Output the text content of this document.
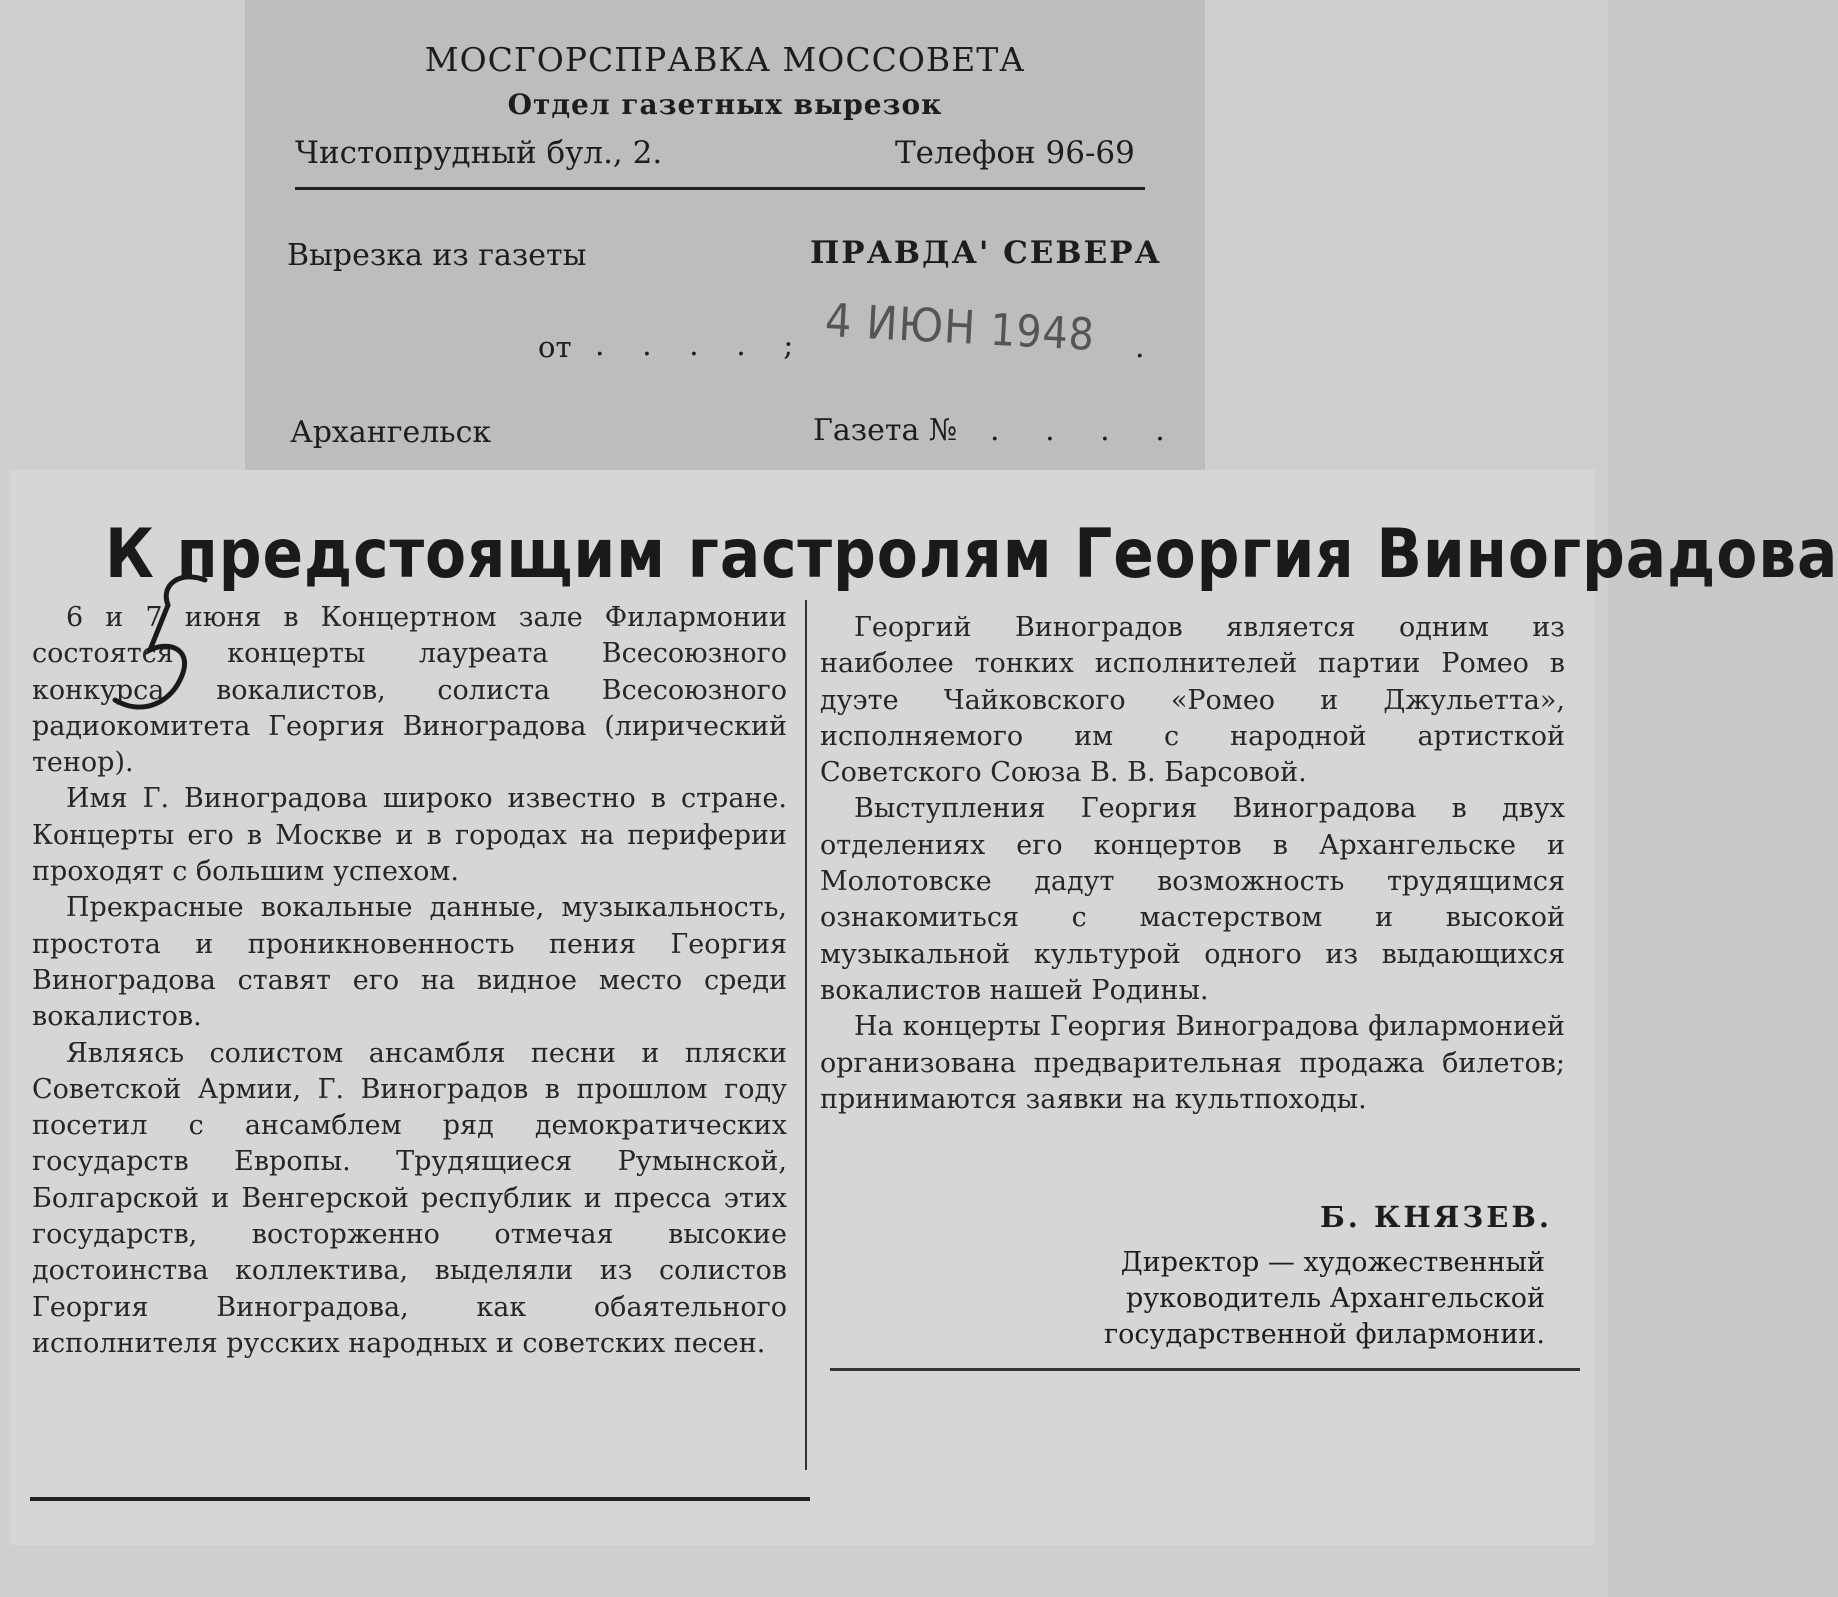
МОСГОРСПРАВКА МОССОВЕТА
Отдел газетных вырезок
Чистопрудный бул., 2.	Телефон 96-69
Вырезка из газеты	ПРАВДА' СЕВЕРА
от . . . . ; 4 ИЮН 1948 .
Архангельск	Газета № . . . .
К предстоящим гастролям Георгия Виноградова

6 и 7 июня в Концертном зале Филармонии состоятся концерты лауреата Всесоюзного конкурса вокалистов, солиста Всесоюзного радиокомитета Георгия Виноградова (лирический тенор).

Имя Г. Виноградова широко известно в стране. Концерты его в Москве и в городах на периферии проходят с большим успехом.

Прекрасные вокальные данные, музыкальность, простота и проникновенность пения Георгия Виноградова ставят его на видное место среди вокалистов.

Являясь солистом ансамбля песни и пляски Советской Армии, Г. Виноградов в прошлом году посетил с ансамблем ряд демократических государств Европы. Трудящиеся Румынской, Болгарской и Венгерской республик и пресса этих государств, восторженно отмечая высокие достоинства коллектива, выделяли из солистов Георгия Виноградова, как обаятельного исполнителя русских народных и советских песен.

Георгий Виноградов является одним из наиболее тонких исполнителей партии Ромео в дуэте Чайковского «Ромео и Джульетта», исполняемого им с народной артисткой Советского Союза В. В. Барсовой.

Выступления Георгия Виноградова в двух отделениях его концертов в Архангельске и Молотовске дадут возможность трудящимся ознакомиться с мастерством и высокой музыкальной культурой одного из выдающихся вокалистов нашей Родины.

На концерты Георгия Виноградова филармонией организована предварительная продажа билетов; принимаются заявки на культпоходы.

Б. КНЯЗЕВ.
Директор — художественный руководитель Архангельской государственной филармонии.
